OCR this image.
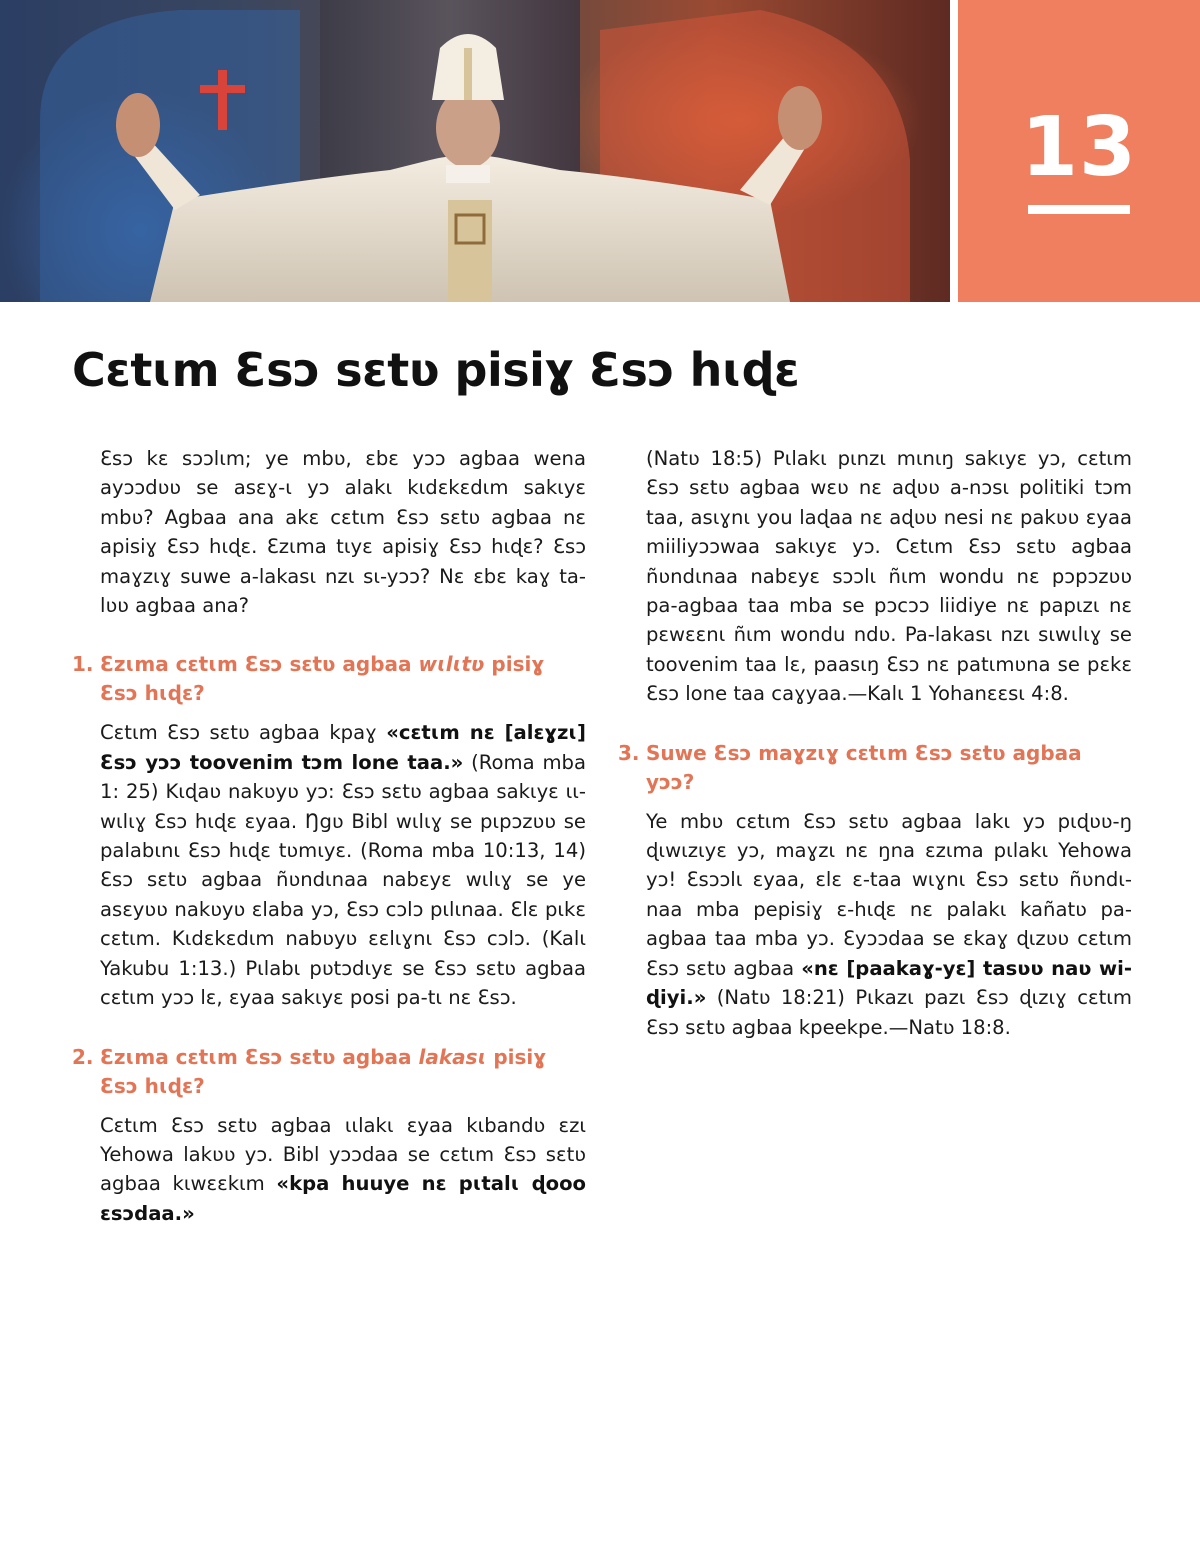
13
Cɛtɩm Ɛsɔ sɛtʋ pisiɣ Ɛsɔ hɩɖɛ

Ɛsɔ kɛ sɔɔlɩm; ye mbʋ, ɛbɛ yɔɔ agbaa wena ayɔɔdʋʋ se asɛɣ-ɩ yɔ alakɩ kɩdɛkɛdɩm sakɩyɛ mbʋ? Agbaa ana akɛ cɛtɩm Ɛsɔ sɛtʋ agbaa nɛ apisiɣ Ɛsɔ hɩɖɛ. Ɛzɩma tɩyɛ apisiɣ Ɛsɔ hɩɖɛ? Ɛsɔ maɣzɩɣ suwe a-lakasɩ nzɩ sɩ-yɔɔ? Nɛ ɛbɛ kaɣ ta-lʋʋ agbaa ana?

1. Ɛzɩma cɛtɩm Ɛsɔ sɛtʋ agbaa wɩlɩtʋ pisiɣ Ɛsɔ hɩɖɛ?

Cɛtɩm Ɛsɔ sɛtʋ agbaa kpaɣ «cɛtɩm nɛ [alɛɣzɩ] Ɛsɔ yɔɔ toovenim tɔm lone taa.» (Roma mba 1: 25) Kɩɖaʋ nakʋyʋ yɔ: Ɛsɔ sɛtʋ agbaa sakɩyɛ ɩɩ-wɩlɩɣ Ɛsɔ hɩɖɛ ɛyaa. Ŋgʋ Bibl wɩlɩɣ se pɩpɔzʋʋ se palabɩnɩ Ɛsɔ hɩɖɛ tʋmɩyɛ. (Roma mba 10:13, 14) Ɛsɔ sɛtʋ agbaa ñʋndɩnaa nabɛyɛ wɩlɩɣ se ye asɛyʋʋ nakʋyʋ ɛlaba yɔ, Ɛsɔ cɔlɔ pɩlɩnaa. Ɛlɛ pɩkɛ cɛtɩm. Kɩdɛkɛdɩm nabʋyʋ ɛɛlɩɣnɩ Ɛsɔ cɔlɔ. (Kalɩ Yakubu 1:13.) Pɩlabɩ pʋtɔdɩyɛ se Ɛsɔ sɛtʋ agbaa cɛtɩm yɔɔ lɛ, ɛyaa sakɩyɛ posi pa-tɩ nɛ Ɛsɔ.

2. Ɛzɩma cɛtɩm Ɛsɔ sɛtʋ agbaa lakasɩ pisiɣ Ɛsɔ hɩɖɛ?

Cɛtɩm Ɛsɔ sɛtʋ agbaa ɩɩlakɩ ɛyaa kɩbandʋ ɛzɩ Yehowa lakʋʋ yɔ. Bibl yɔɔdaa se cɛtɩm Ɛsɔ sɛtʋ agbaa kɩwɛɛkɩm «kpa huuye nɛ pɩtalɩ ɖooo ɛsɔdaa.»

(Natʋ 18:5) Pɩlakɩ pɩnzɩ mɩnɩŋ sakɩyɛ yɔ, cɛtɩm Ɛsɔ sɛtʋ agbaa wɛʋ nɛ aɖʋʋ a-nɔsɩ politiki tɔm taa, asɩɣnɩ you laɖaa nɛ aɖʋʋ nesi nɛ pakʋʋ ɛyaa miiliyɔɔwaa sakɩyɛ yɔ. Cɛtɩm Ɛsɔ sɛtʋ agbaa ñʋndɩnaa nabɛyɛ sɔɔlɩ ñɩm wondu nɛ pɔpɔzʋʋ pa-agbaa taa mba se pɔcɔɔ liidiye nɛ papɩzɩ nɛ pɛwɛɛnɩ ñɩm wondu ndʋ. Pa-lakasɩ nzɩ sɩwɩlɩɣ se toovenim taa lɛ, paasɩŋ Ɛsɔ nɛ patɩmʋna se pɛkɛ Ɛsɔ lone taa caɣyaa.—Kalɩ 1 Yohanɛɛsɩ 4:8.

3. Suwe Ɛsɔ maɣzɩɣ cɛtɩm Ɛsɔ sɛtʋ agbaa yɔɔ?

Ye mbʋ cɛtɩm Ɛsɔ sɛtʋ agbaa lakɩ yɔ pɩɖʋʋ-ŋ ɖɩwɩzɩyɛ yɔ, maɣzɩ nɛ ŋna ɛzɩma pɩlakɩ Yehowa yɔ! Ɛsɔɔlɩ ɛyaa, ɛlɛ ɛ-taa wɩɣnɩ Ɛsɔ sɛtʋ ñʋndɩ-naa mba pepisiɣ ɛ-hɩɖɛ nɛ palakɩ kañatʋ pa-agbaa taa mba yɔ. Ɛyɔɔdaa se ɛkaɣ ɖɩzʋʋ cɛtɩm Ɛsɔ sɛtʋ agbaa «nɛ [paakaɣ-yɛ] tasʋʋ naʋ wi-ɖiyi.» (Natʋ 18:21) Pɩkazɩ pazɩ Ɛsɔ ɖɩzɩɣ cɛtɩm Ɛsɔ sɛtʋ agbaa kpeekpe.—Natʋ 18:8.
